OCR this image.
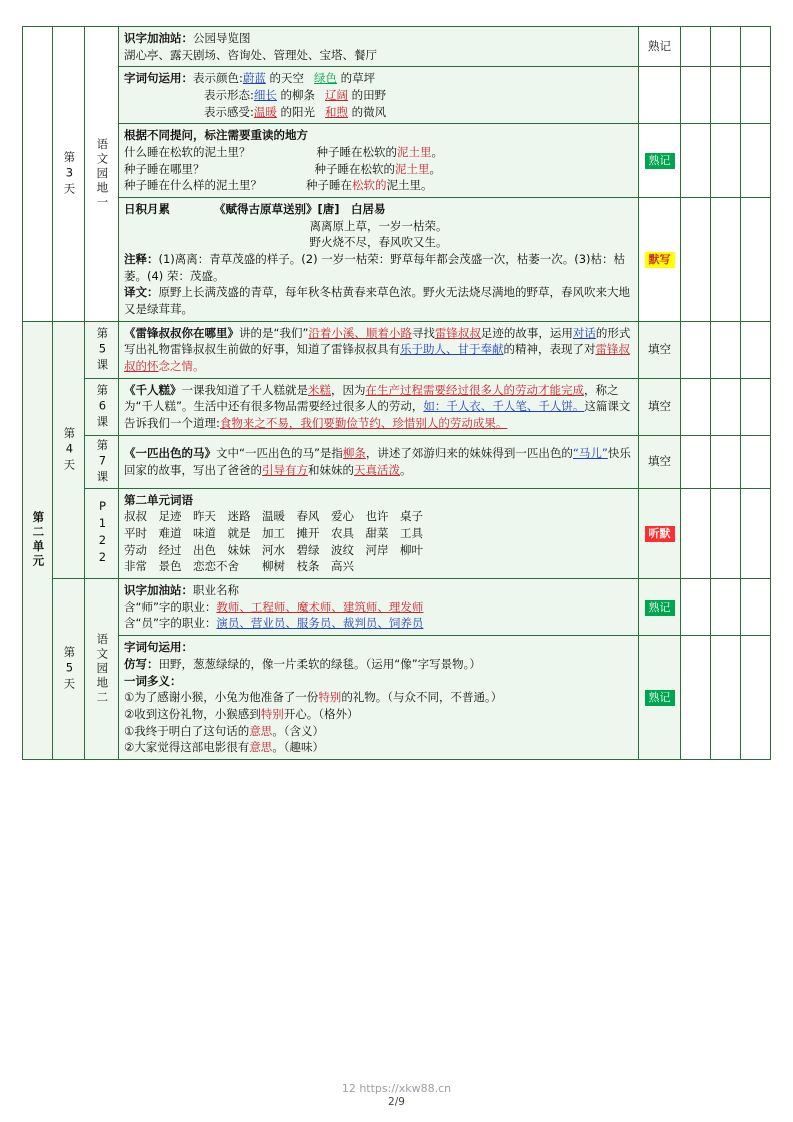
	第3天	语文园地一	识字加油站：公园导览图
湖心亭、露天剧场、咨询处、管理处、宝塔、餐厅	熟记			

			字词句运用：表示颜色:蔚蓝 的天空 绿色 的草坪
表示形态:细长 的柳条 辽阔 的田野
表示感受:温暖 的阳光 和煦 的微风				

			根据不同提问，标注需要重读的地方
什么睡在松软的泥土里？ 种子睡在松软的泥土里。
种子睡在哪里？ 种子睡在松软的泥土里。
种子睡在什么样的泥土里？ 种子睡在松软的泥土里。	熟记			

			日积月累 《赋得古原草送别》[唐]　白居易
离离原上草，一岁一枯荣。
野火烧不尽，春风吹又生。
注释：(1)离离：青草茂盛的样子。(2) 一岁一枯荣：野草每年都会茂盛一次，枯萎一次。(3)枯：枯萎。(4) 荣：茂盛。
译文：原野上长满茂盛的青草，每年秋冬枯黄春来草色浓。野火无法烧尽满地的野草，春风吹来大地又是绿茸茸。	默写			
第二单元	第4天	第5课	《雷锋叔叔你在哪里》讲的是“我们”沿着小溪、顺着小路寻找雷锋叔叔足迹的故事，运用对话的形式写出礼物雷锋叔叔生前做的好事，知道了雷锋叔叔具有乐于助人、甘于奉献的精神，表现了对雷锋叔叔的怀念之情。	填空			
		第6课	《千人糕》一课我知道了千人糕就是米糕，因为在生产过程需要经过很多人的劳动才能完成，称之为“千人糕”。生活中还有很多物品需要经过很多人的劳动，如：千人衣、千人笔、千人饼。这篇课文告诉我们一个道理:食物来之不易，我们要勤俭节约、珍惜别人的劳动成果。	填空			
		第7课	《一匹出色的马》文中“一匹出色的马”是指柳条，讲述了郊游归来的妹妹得到一匹出色的“马儿”快乐回家的故事，写出了爸爸的引导有方和妹妹的天真活泼。	填空			
		P122	第二单元词语
叔叔　足迹　昨天　迷路　温暖　春风　爱心　也许　桌子
平时　难道　味道　就是　加工　摊开　农具　甜菜　工具
劳动　经过　出色　妹妹　河水　碧绿　波纹　河岸　柳叶
非常　景色　恋恋不舍　　柳树　枝条　高兴	听默			
	第5天	语文园地二	识字加油站：职业名称
含“师”字的职业：教师、工程师、魔术师、建筑师、理发师
含“员”字的职业：演员、营业员、服务员、裁判员、饲养员	熟记			

字词句运用：
仿写：田野，葱葱绿绿的，像一片柔软的绿毯。（运用“像”字写景物。）
一词多义：
①为了感谢小猴，小兔为他准备了一份特别的礼物。（与众不同，不普通。）
②收到这份礼物，小猴感到特别开心。（格外）
①我终于明白了这句话的意思。（含义）
②大家觉得这部电影很有意思。（趣味）
	熟记			
12 https://xkw88.cn
2/9
